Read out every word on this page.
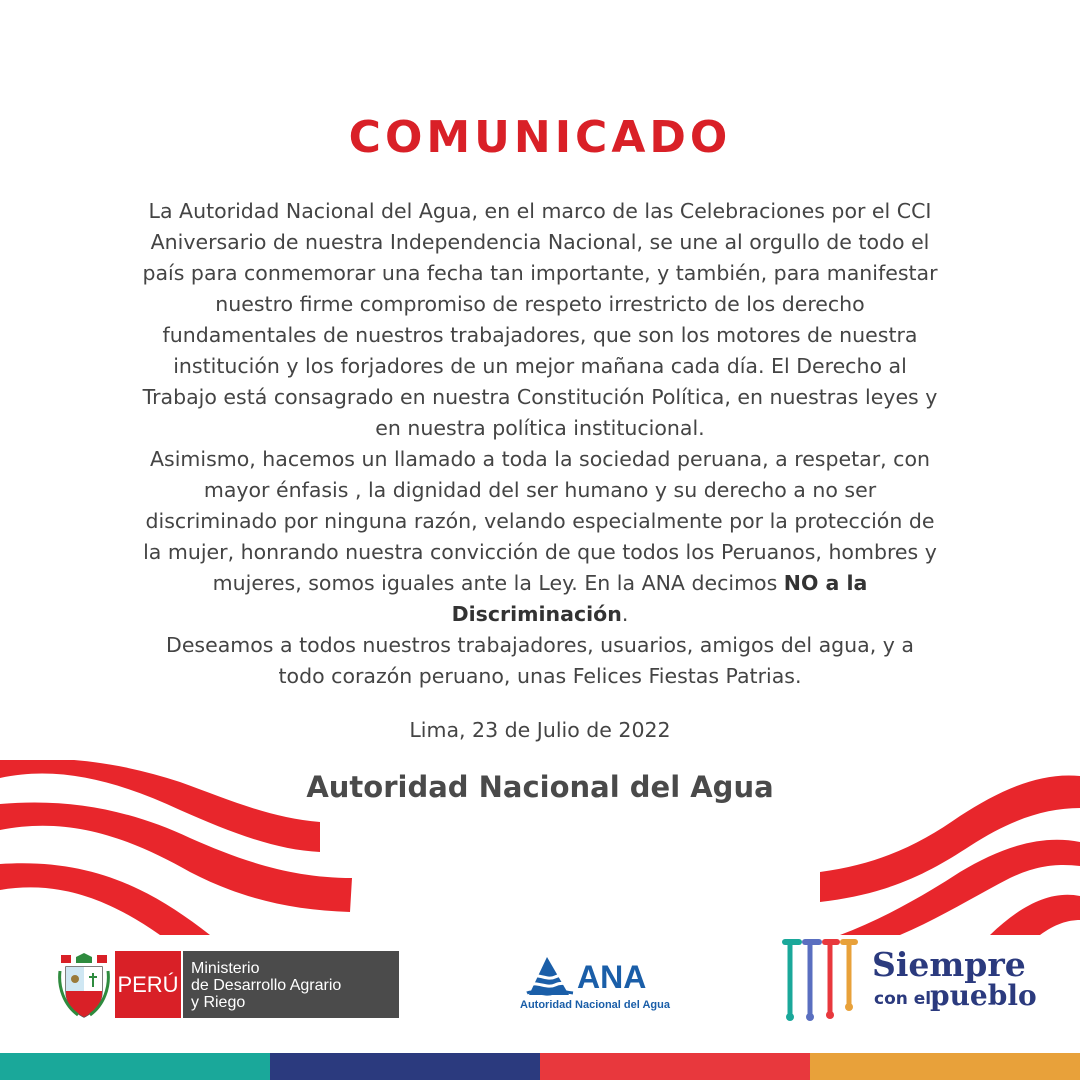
COMUNICADO

La Autoridad Nacional del Agua, en el marco de las Celebraciones por el CCI Aniversario de nuestra Independencia Nacional, se une al orgullo de todo el país para conmemorar una fecha tan importante, y también, para manifestar nuestro firme compromiso de respeto irrestricto de los derecho fundamentales de nuestros trabajadores, que son los motores de nuestra institución y los forjadores de un mejor mañana cada día. El Derecho al Trabajo está consagrado en nuestra Constitución Política, en nuestras leyes y en nuestra política institucional.

Asimismo, hacemos un llamado a toda la sociedad peruana, a respetar, con mayor énfasis , la dignidad del ser humano y su derecho a no ser discriminado por ninguna razón, velando especialmente por la protección de la mujer, honrando nuestra convicción de que todos los Peruanos, hombres y mujeres, somos iguales ante la Ley. En la ANA decimos NO a la Discriminación.

Deseamos a todos nuestros trabajadores, usuarios, amigos del agua, y a todo corazón peruano, unas Felices Fiestas Patrias.

Lima, 23 de Julio de 2022
Autoridad Nacional del Agua
PERÚ
Ministerio
de Desarrollo Agrario
y Riego
ANA
Autoridad Nacional del Agua
Siempre
con el
pueblo
